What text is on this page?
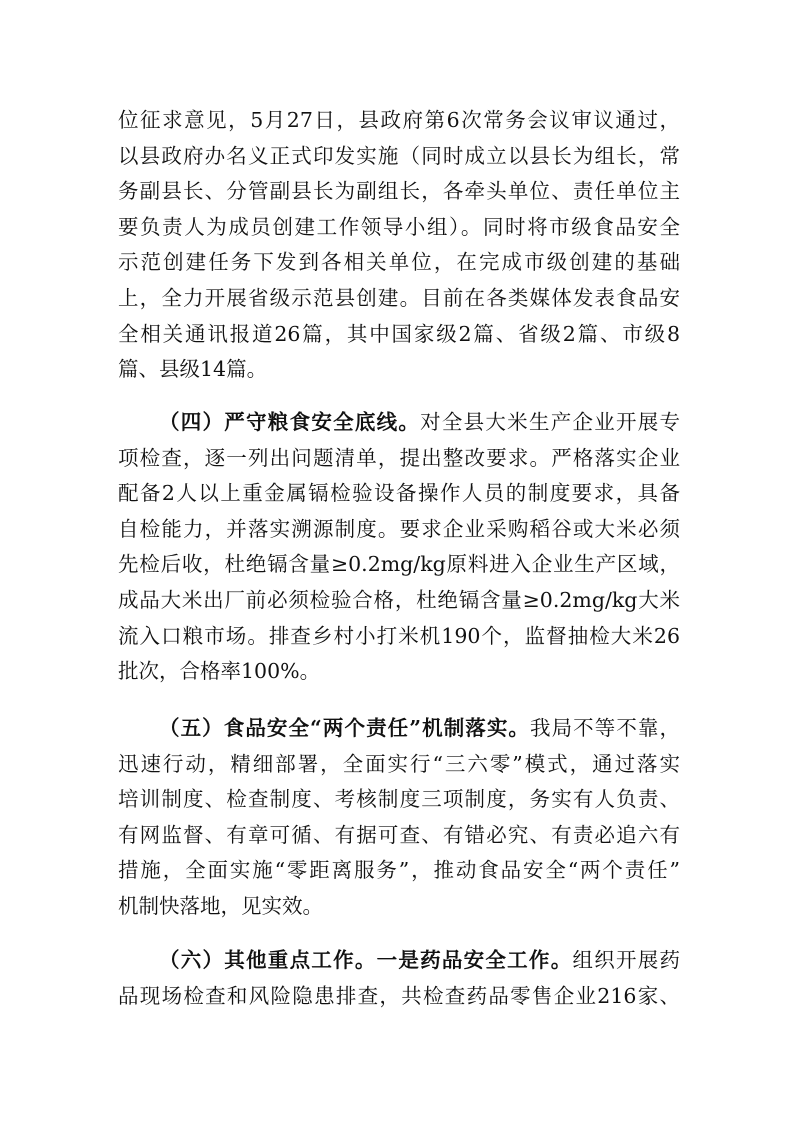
位征求意见，5月27日，县政府第6次常务会议审议通过，
以县政府办名义正式印发实施（同时成立以县长为组长，常
务副县长、分管副县长为副组长，各牵头单位、责任单位主
要负责人为成员创建工作领导小组）。同时将市级食品安全
示范创建任务下发到各相关单位，在完成市级创建的基础
上，全力开展省级示范县创建。目前在各类媒体发表食品安
全相关通讯报道26篇，其中国家级2篇、省级2篇、市级8
篇、县级14篇。
（四）严守粮食安全底线。对全县大米生产企业开展专
项检查，逐一列出问题清单，提出整改要求。严格落实企业
配备2人以上重金属镉检验设备操作人员的制度要求，具备
自检能力，并落实溯源制度。要求企业采购稻谷或大米必须
先检后收，杜绝镉含量≥0.2mg/kg原料进入企业生产区域，
成品大米出厂前必须检验合格，杜绝镉含量≥0.2mg/kg大米
流入口粮市场。排查乡村小打米机190个，监督抽检大米26
批次，合格率100%。
（五）食品安全“两个责任”机制落实。我局不等不靠，
迅速行动，精细部署，全面实行“三六零”模式，通过落实
培训制度、检查制度、考核制度三项制度，务实有人负责、
有网监督、有章可循、有据可查、有错必究、有责必追六有
措施，全面实施“零距离服务”，推动食品安全“两个责任”
机制快落地，见实效。
（六）其他重点工作。一是药品安全工作。组织开展药
品现场检查和风险隐患排查，共检查药品零售企业216家、
